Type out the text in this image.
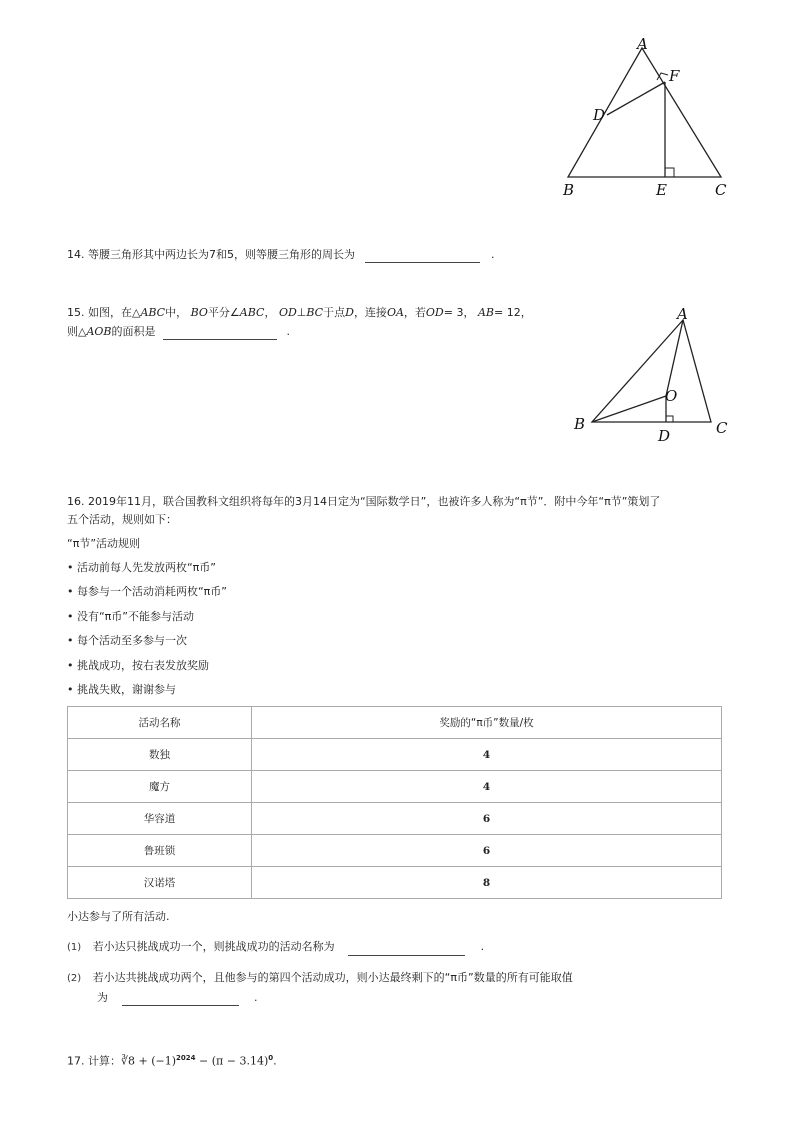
A
F
D
B	E	C
14. 等腰三角形其中两边长为7和5，则等腰三角形的周长为	.
15. 如图，在△ABC中， BO平分∠ABC， OD⊥BC于点D，连接OA，若OD= 3， AB= 12，
则△AOB的面积是	.
A
O
B
D	C
16. 2019年11月，联合国教科文组织将每年的3月14日定为“国际数学日”，也被许多人称为“π节”．附中今年“π节”策划了
五个活动，规则如下：
“π节”活动规则
• 活动前每人先发放两枚“π币”
• 每参与一个活动消耗两枚“π币”
• 没有“π币”不能参与活动
• 每个活动至多参与一次
• 挑战成功，按右表发放奖励
• 挑战失败，谢谢参与
活动名称	奖励的“π币”数量/枚
数独	4
魔方	4
华容道	6
鲁班锁	6
汉诺塔	8
小达参与了所有活动.
(1) 若小达只挑战成功一个，则挑战成功的活动名称为	.
(2) 若小达共挑战成功两个，且他参与的第四个活动成功，则小达最终剩下的“π币”数量的所有可能取值
为	.
17. 计算：∛8 + $(-1)^{2024} - (\pi - 3.14)^0$.
